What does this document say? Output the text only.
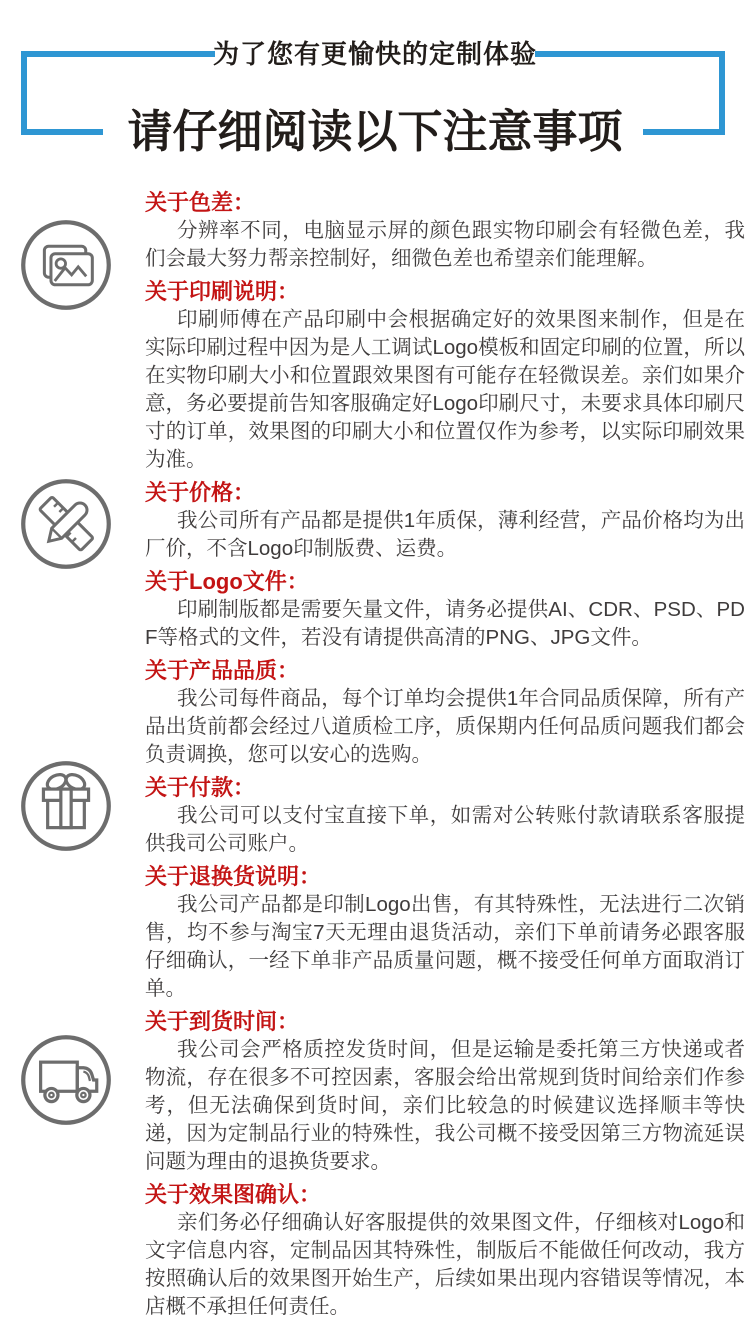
为了您有更愉快的定制体验
请仔细阅读以下注意事项
关于色差：

分辨率不同，电脑显示屏的颜色跟实物印刷会有轻微色差，我们会最大努力帮亲控制好，细微色差也希望亲们能理解。

关于印刷说明：

印刷师傅在产品印刷中会根据确定好的效果图来制作，但是在实际印刷过程中因为是人工调试Logo模板和固定印刷的位置，所以在实物印刷大小和位置跟效果图有可能存在轻微误差。亲们如果介意，务必要提前告知客服确定好Logo印刷尺寸，未要求具体印刷尺寸的订单，效果图的印刷大小和位置仅作为参考，以实际印刷效果为准。

关于价格：

我公司所有产品都是提供1年质保，薄利经营，产品价格均为出厂价，不含Logo印制版费、运费。

关于Logo文件：

印刷制版都是需要矢量文件，请务必提供AI、CDR、PSD、PDF等格式的文件，若没有请提供高清的PNG、JPG文件。

关于产品品质：

我公司每件商品，每个订单均会提供1年合同品质保障，所有产品出货前都会经过八道质检工序，质保期内任何品质问题我们都会负责调换，您可以安心的选购。

关于付款：

我公司可以支付宝直接下单，如需对公转账付款请联系客服提供我司公司账户。

关于退换货说明：

我公司产品都是印制Logo出售，有其特殊性，无法进行二次销售，均不参与淘宝7天无理由退货活动，亲们下单前请务必跟客服仔细确认，一经下单非产品质量问题，概不接受任何单方面取消订单。

关于到货时间：

我公司会严格质控发货时间，但是运输是委托第三方快递或者物流，存在很多不可控因素，客服会给出常规到货时间给亲们作参考，但无法确保到货时间，亲们比较急的时候建议选择顺丰等快递，因为定制品行业的特殊性，我公司概不接受因第三方物流延误问题为理由的退换货要求。

关于效果图确认：

亲们务必仔细确认好客服提供的效果图文件，仔细核对Logo和文字信息内容，定制品因其特殊性，制版后不能做任何改动，我方按照确认后的效果图开始生产，后续如果出现内容错误等情况，本店概不承担任何责任。
